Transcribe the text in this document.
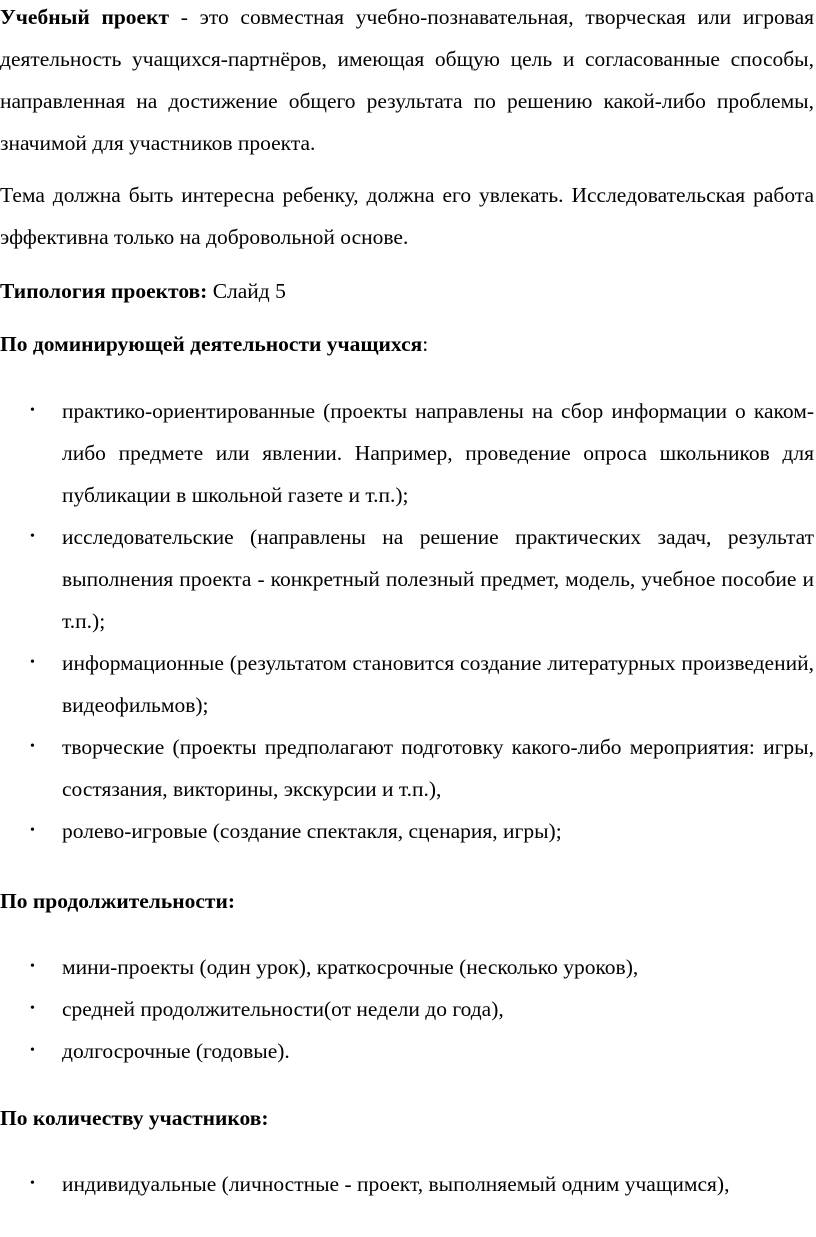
Учебный проект - это совместная учебно-познавательная, творческая или игровая деятельность учащихся-партнёров, имеющая общую цель и согласованные способы, направленная на достижение общего результата по решению какой-либо проблемы, значимой для участников проекта.

Тема должна быть интересна ребенку, должна его увлекать. Исследовательская работа эффективна только на добровольной основе.

Типология проектов: Слайд 5

По доминирующей деятельности учащихся:

• практико-ориентированные (проекты направлены на сбор информации о каком-либо предмете или явлении. Например, проведение опроса школьников для публикации в школьной газете и т.п.);
• исследовательские (направлены на решение практических задач, результат выполнения проекта - конкретный полезный предмет, модель, учебное пособие и т.п.);
• информационные (результатом становится создание литературных произведений, видеофильмов);
• творческие (проекты предполагают подготовку какого-либо мероприятия: игры, состязания, викторины, экскурсии и т.п.),
• ролево-игровые (создание спектакля, сценария, игры);

По продолжительности:

• мини-проекты (один урок), краткосрочные (несколько уроков),
• средней продолжительности(от недели до года),
• долгосрочные (годовые).

По количеству участников:

• индивидуальные (личностные - проект, выполняемый одним учащимся),
